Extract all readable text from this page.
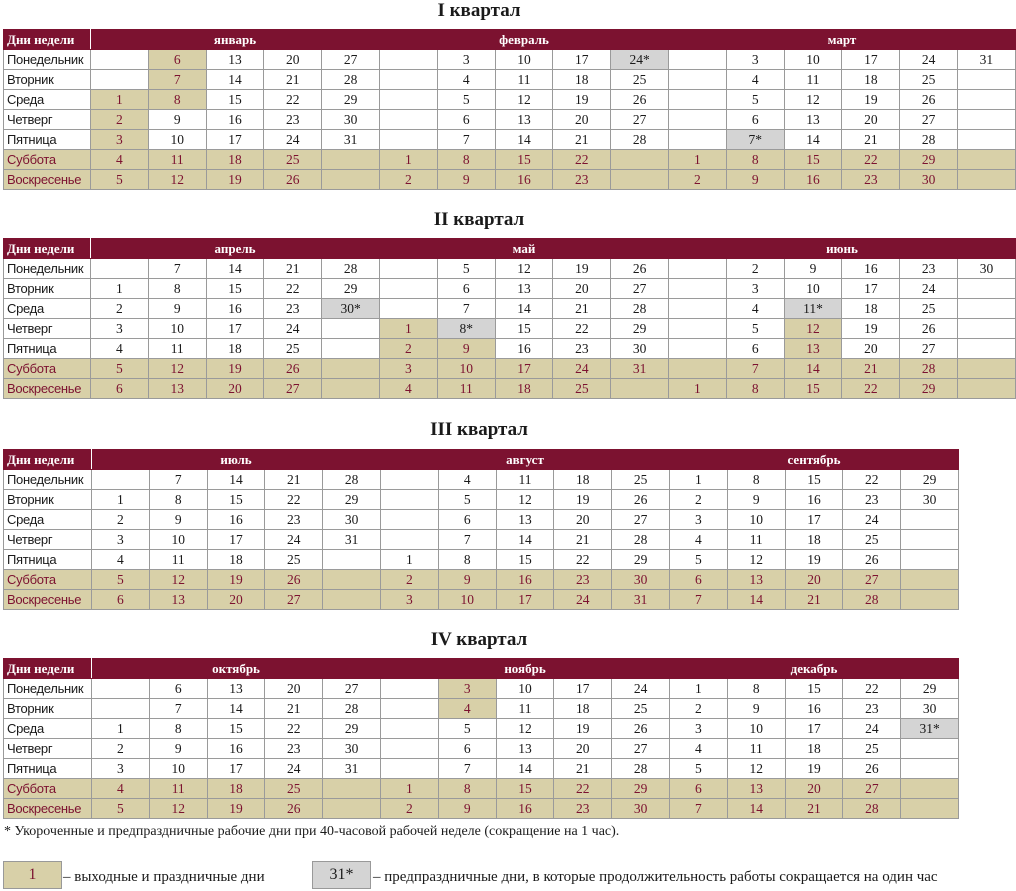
I квартал
Дни недели	январь					февраль					март					
Понедельник		6	13	20	27		3	10	17	24*		3	10	17	24	31
Вторник		7	14	21	28		4	11	18	25		4	11	18	25	
Среда	1	8	15	22	29		5	12	19	26		5	12	19	26	
Четверг	2	9	16	23	30		6	13	20	27		6	13	20	27	
Пятница	3	10	17	24	31		7	14	21	28		7*	14	21	28	
Суббота	4	11	18	25		1	8	15	22		1	8	15	22	29	
Воскресенье	5	12	19	26		2	9	16	23		2	9	16	23	30	
II квартал
Дни недели	апрель					май					июнь					
Понедельник		7	14	21	28		5	12	19	26		2	9	16	23	30
Вторник	1	8	15	22	29		6	13	20	27		3	10	17	24	
Среда	2	9	16	23	30*		7	14	21	28		4	11*	18	25	
Четверг	3	10	17	24		1	8*	15	22	29		5	12	19	26	
Пятница	4	11	18	25		2	9	16	23	30		6	13	20	27	
Суббота	5	12	19	26		3	10	17	24	31		7	14	21	28	
Воскресенье	6	13	20	27		4	11	18	25		1	8	15	22	29	
III квартал
Дни недели	июль					август					сентябрь				
Понедельник		7	14	21	28		4	11	18	25	1	8	15	22	29
Вторник	1	8	15	22	29		5	12	19	26	2	9	16	23	30
Среда	2	9	16	23	30		6	13	20	27	3	10	17	24	
Четверг	3	10	17	24	31		7	14	21	28	4	11	18	25	
Пятница	4	11	18	25		1	8	15	22	29	5	12	19	26	
Суббота	5	12	19	26		2	9	16	23	30	6	13	20	27	
Воскресенье	6	13	20	27		3	10	17	24	31	7	14	21	28	
IV квартал
Дни недели	октябрь					ноябрь					декабрь				
Понедельник		6	13	20	27		3	10	17	24	1	8	15	22	29
Вторник		7	14	21	28		4	11	18	25	2	9	16	23	30
Среда	1	8	15	22	29		5	12	19	26	3	10	17	24	31*
Четверг	2	9	16	23	30		6	13	20	27	4	11	18	25	
Пятница	3	10	17	24	31		7	14	21	28	5	12	19	26	
Суббота	4	11	18	25		1	8	15	22	29	6	13	20	27	
Воскресенье	5	12	19	26		2	9	16	23	30	7	14	21	28	
* Укороченные и предпраздничные рабочие дни при 40-часовой рабочей неделе (сокращение на 1 час).
1	– выходные и праздничные дни	31*	– предпраздничные дни, в которые продолжительность работы сокращается на один час
